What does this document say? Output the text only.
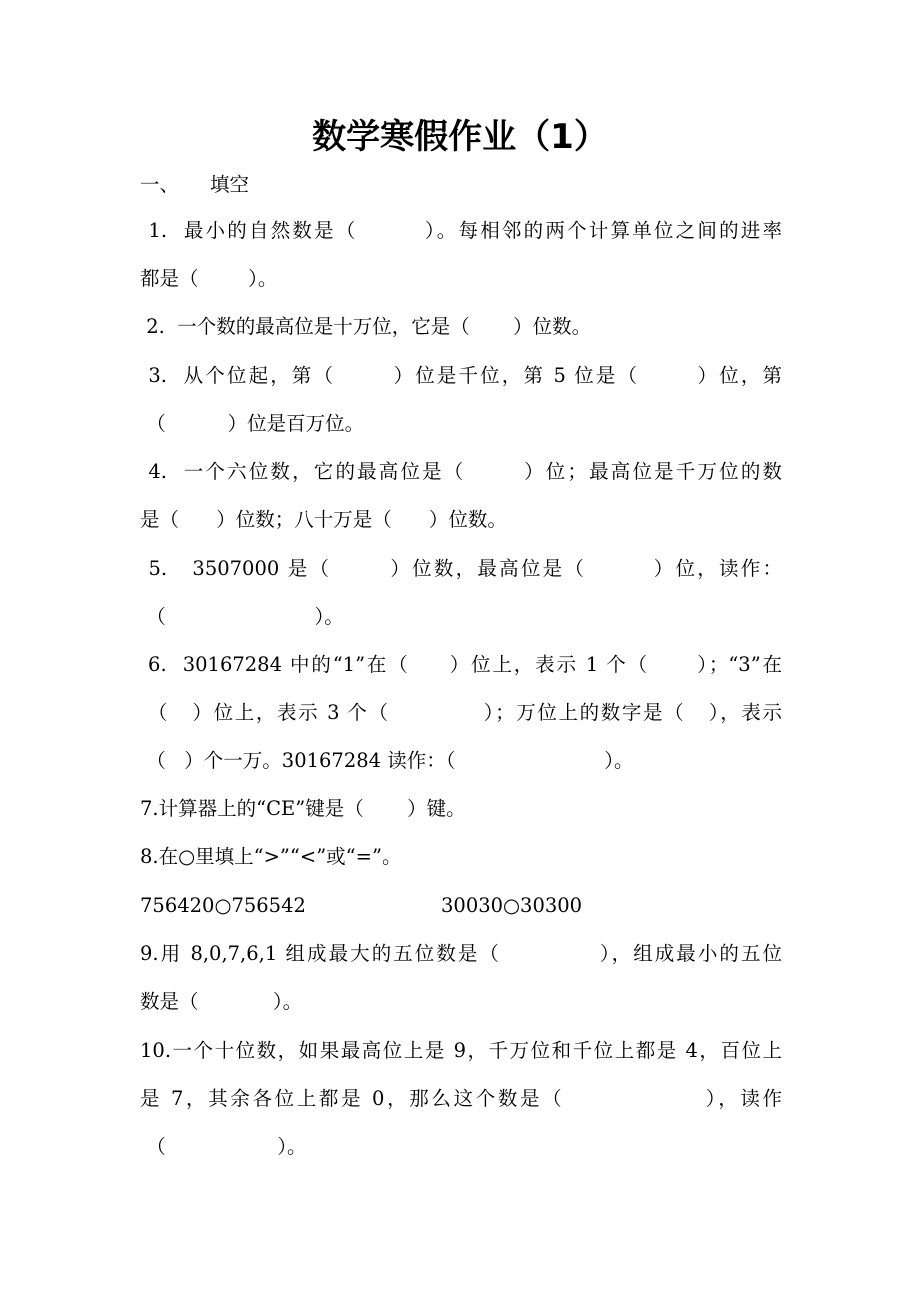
数学寒假作业（1）
一、 填空
1.  最小的自然数是（        ）。每相邻的两个计算单位之间的进率
都是（        ）。
2.  一个数的最高位是十万位，它是（       ）位数。
3.  从个位起，第（       ）位是千位，第 5 位是（       ）位，第
（          ）位是百万位。
4.  一个六位数，它的最高位是（       ）位；最高位是千万位的数
是（      ）位数；八十万是（      ）位数。
5.   3507000 是（       ）位数，最高位是（        ）位，读作：
（                        ）。
6.  30167284 中的“1”在（     ）位上，表示 1 个（      ）；“3”在
（   ）位上，表示 3 个（            ）；万位上的数字是（   ），表示
（   ）个一万。30167284 读作：（                        ）。
7.计算器上的“CE”键是（       ）键。
8.在○里填上“>”“<”或“=”。
756420○756542	30030○30300
9.用 8,0,7,6,1 组成最大的五位数是（            ），组成最小的五位
数是（            ）。
10.一个十位数，如果最高位上是 9，千万位和千位上都是 4，百位上
是 7，其余各位上都是 0，那么这个数是（                ），读作
（                  ）。
